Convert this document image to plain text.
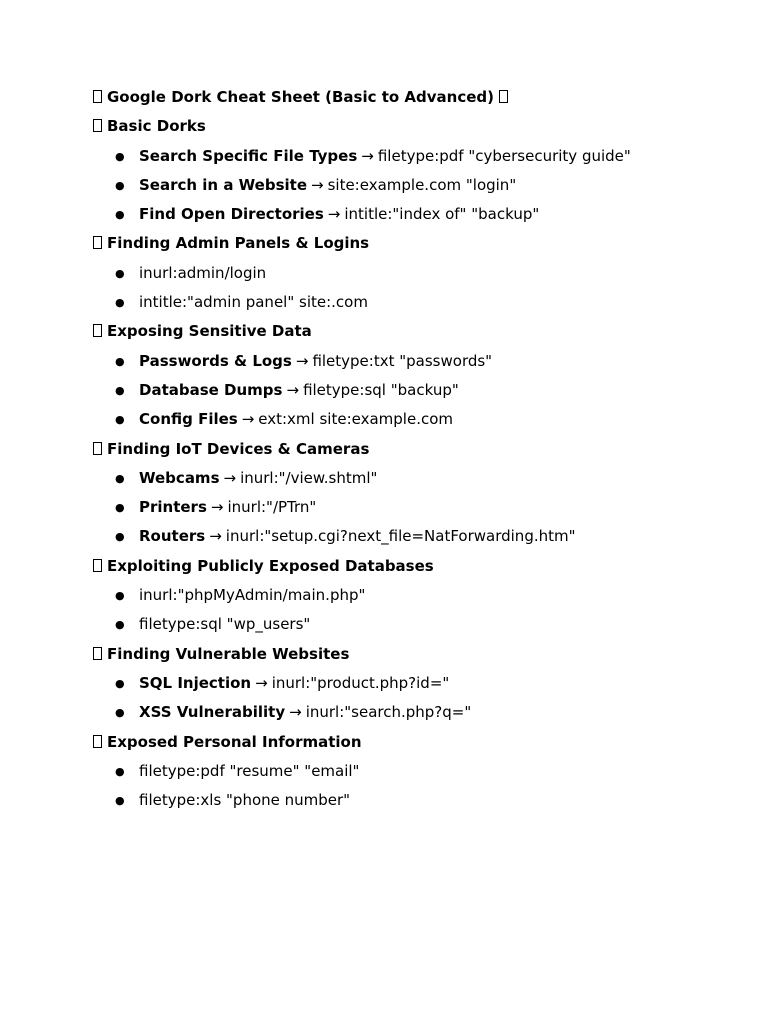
Google Dork Cheat Sheet (Basic to Advanced)
Basic Dorks
● Search Specific File Types → filetype:pdf "cybersecurity guide"
● Search in a Website → site:example.com "login"
● Find Open Directories → intitle:"index of" "backup"
Finding Admin Panels & Logins
● inurl:admin/login
● intitle:"admin panel" site:.com
Exposing Sensitive Data
● Passwords & Logs → filetype:txt "passwords"
● Database Dumps → filetype:sql "backup"
● Config Files → ext:xml site:example.com
Finding IoT Devices & Cameras
● Webcams → inurl:"/view.shtml"
● Printers → inurl:"/PTrn"
● Routers → inurl:"setup.cgi?next_file=NatForwarding.htm"
Exploiting Publicly Exposed Databases
● inurl:"phpMyAdmin/main.php"
● filetype:sql "wp_users"
Finding Vulnerable Websites
● SQL Injection → inurl:"product.php?id="
● XSS Vulnerability → inurl:"search.php?q="
Exposed Personal Information
● filetype:pdf "resume" "email"
● filetype:xls "phone number"
